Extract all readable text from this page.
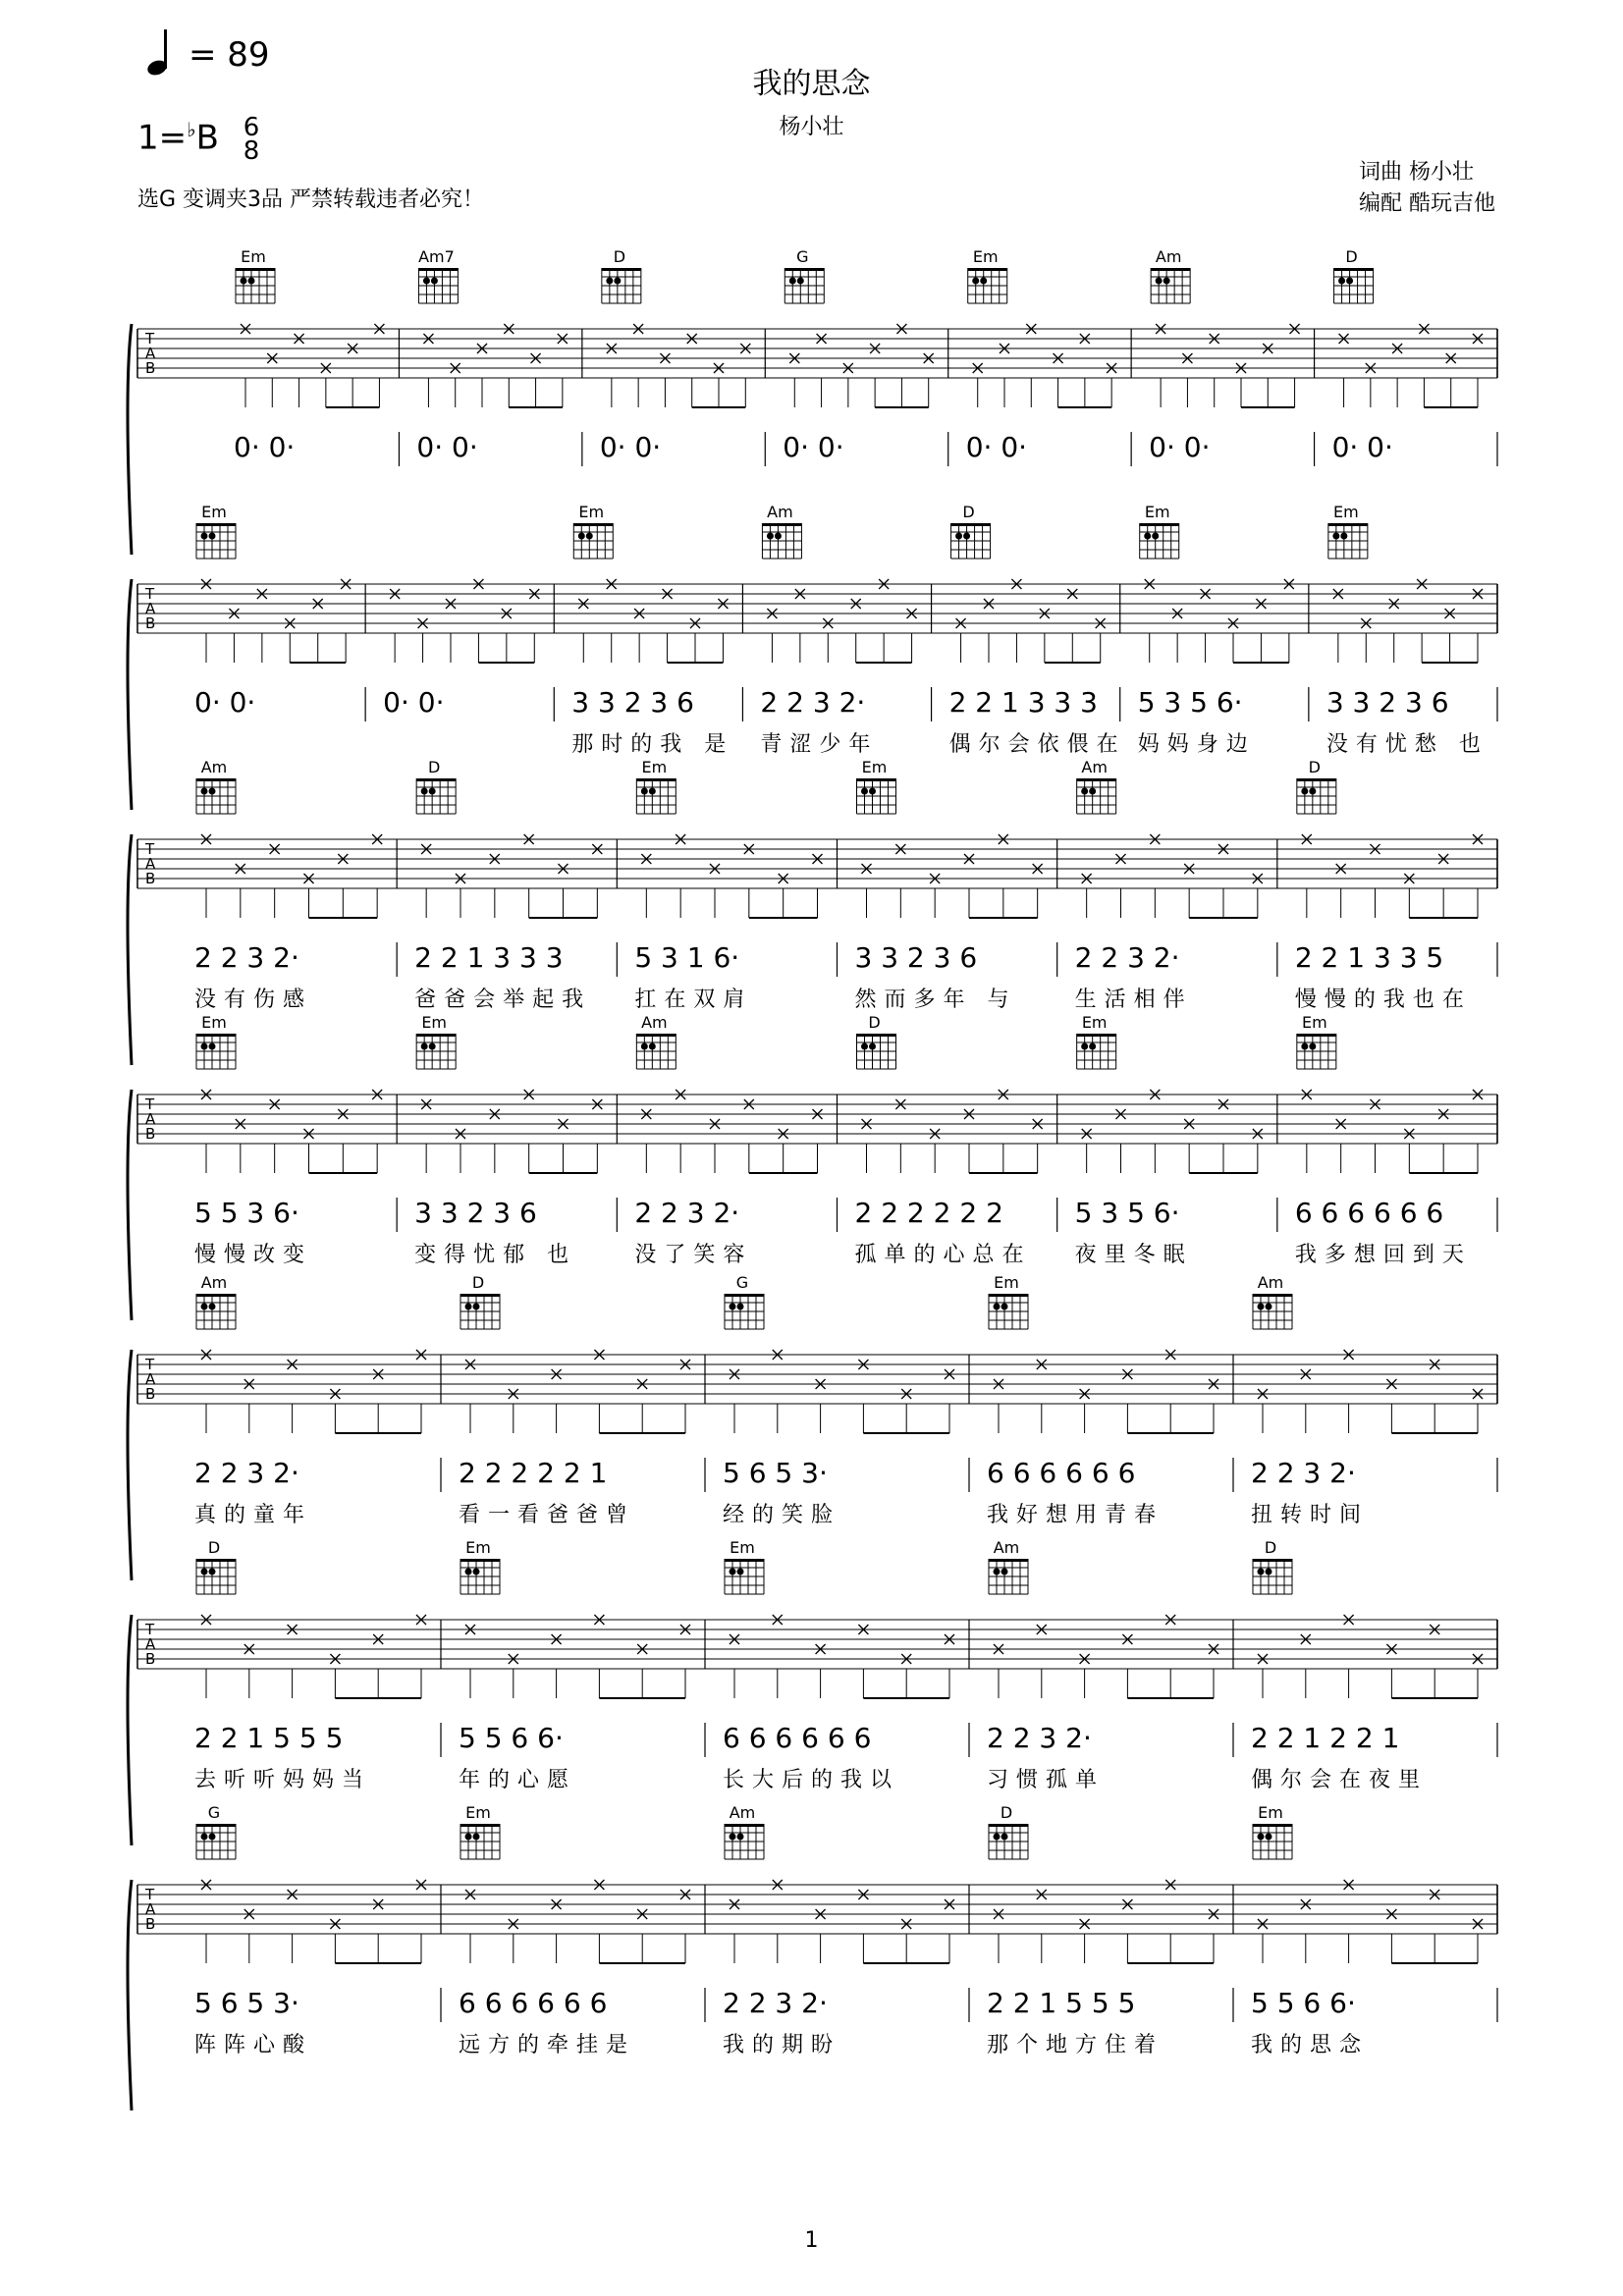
= 89
1=♭B 6
8
我的思念
杨小壮
选G 变调夹3品 严禁转载违者必究！
词曲 杨小壮
编配 酷玩吉他
1
T
A
B
Em
0· 0·
Am7
0· 0·
D
0· 0·
G
0· 0·
Em
0· 0·
Am
0· 0·
D
0· 0·
T
A
B
Em
0· 0·	0· 0·
Em
3 3 2 3 6
那时的我 是
Am
2 2 3 2·
青涩少年
D
2 2 1 3 3 3
偶尔会依偎在
Em
5 3 5 6·
妈妈身边
Em
3 3 2 3 6
没有忧愁 也
T
A
B
Am
2 2 3 2·
没有伤感
D
2 2 1 3 3 3
爸爸会举起我
Em
5 3 1 6·
扛在双肩
Em
3 3 2 3 6
然而多年 与
Am
2 2 3 2·
生活相伴
D
2 2 1 3 3 5
慢慢的我也在
T
A
B
Em
5 5 3 6·
慢慢改变
Em
3 3 2 3 6
变得忧郁 也
Am
2 2 3 2·
没了笑容
D
2 2 2 2 2 2
孤单的心总在
Em
5 3 5 6·
夜里冬眠
Em
6 6 6 6 6 6
我多想回到天
T
A
B
Am
2 2 3 2·
真的童年
D
2 2 2 2 2 1
看一看爸爸曾
G
5 6 5 3·
经的笑脸
Em
6 6 6 6 6 6
我好想用青春
Am
2 2 3 2·
扭转时间
T
A
B
D
2 2 1 5 5 5
去听听妈妈当
Em
5 5 6 6·
年的心愿
Em
6 6 6 6 6 6
长大后的我以
Am
2 2 3 2·
习惯孤单
D
2 2 1 2 2 1
偶尔会在夜里
T
A
B
G
5 6 5 3·
阵阵心酸
Em
6 6 6 6 6 6
远方的牵挂是
Am
2 2 3 2·
我的期盼
D
2 2 1 5 5 5
那个地方住着
Em
5 5 6 6·
我的思念
